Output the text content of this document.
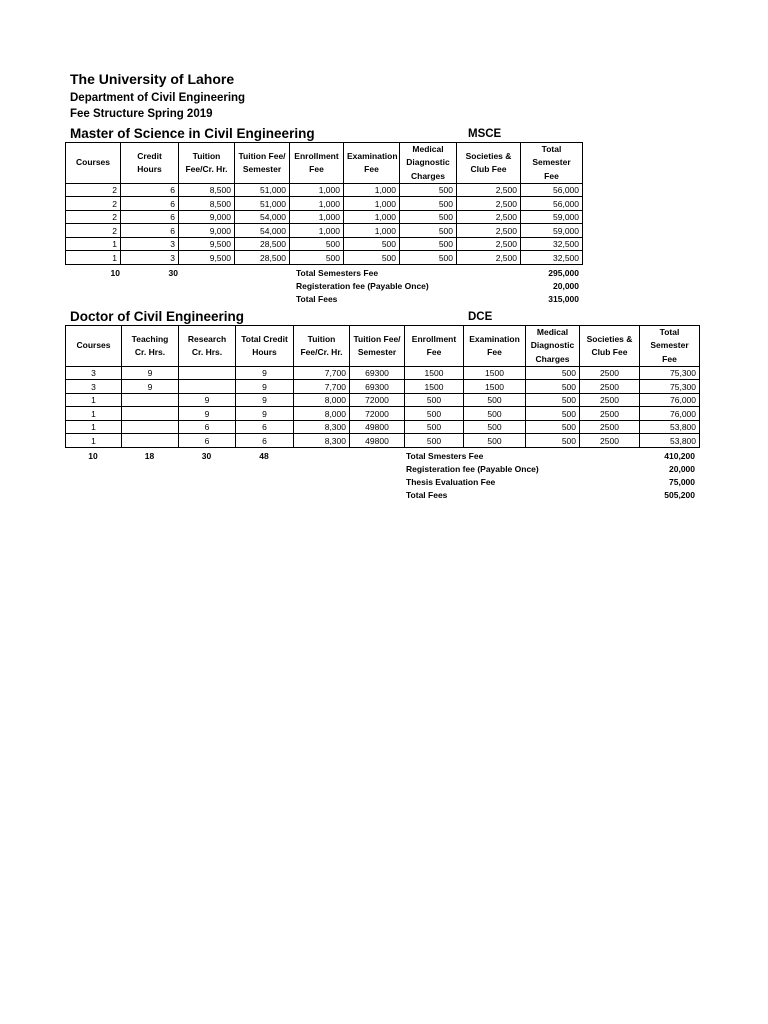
The University of Lahore
Department of Civil Engineering
Fee Structure Spring 2019
Master of Science in Civil Engineering	MSCE
Courses	Credit Hours	Tuition Fee/Cr. Hr.	Tuition Fee/ Semester	Enrollment Fee	Examination Fee	Medical Diagnostic Charges	Societies & Club Fee	Total Semester Fee
2	6	8,500	51,000	1,000	1,000	500	2,500	56,000
2	6	8,500	51,000	1,000	1,000	500	2,500	56,000
2	6	9,000	54,000	1,000	1,000	500	2,500	59,000
2	6	9,000	54,000	1,000	1,000	500	2,500	59,000
1	3	9,500	28,500	500	500	500	2,500	32,500
1	3	9,500	28,500	500	500	500	2,500	32,500
10	30	Total Semesters Fee	295,000
Registeration fee (Payable Once)	20,000
Total Fees	315,000
Doctor of Civil Engineering	DCE
Courses	Teaching Cr. Hrs.	Research Cr. Hrs.	Total Credit Hours	Tuition Fee/Cr. Hr.	Tuition Fee/ Semester	Enrollment Fee	Examination Fee	Medical Diagnostic Charges	Societies & Club Fee	Total Semester Fee
3	9		9	7,700	69300	1500	1500	500	2500	75,300
3	9		9	7,700	69300	1500	1500	500	2500	75,300
1		9	9	8,000	72000	500	500	500	2500	76,000
1		9	9	8,000	72000	500	500	500	2500	76,000
1		6	6	8,300	49800	500	500	500	2500	53,800
1		6	6	8,300	49800	500	500	500	2500	53,800
10	18	30	48	Total Smesters Fee	410,200
Registeration fee (Payable Once)	20,000
Thesis Evaluation Fee	75,000
Total Fees	505,200
